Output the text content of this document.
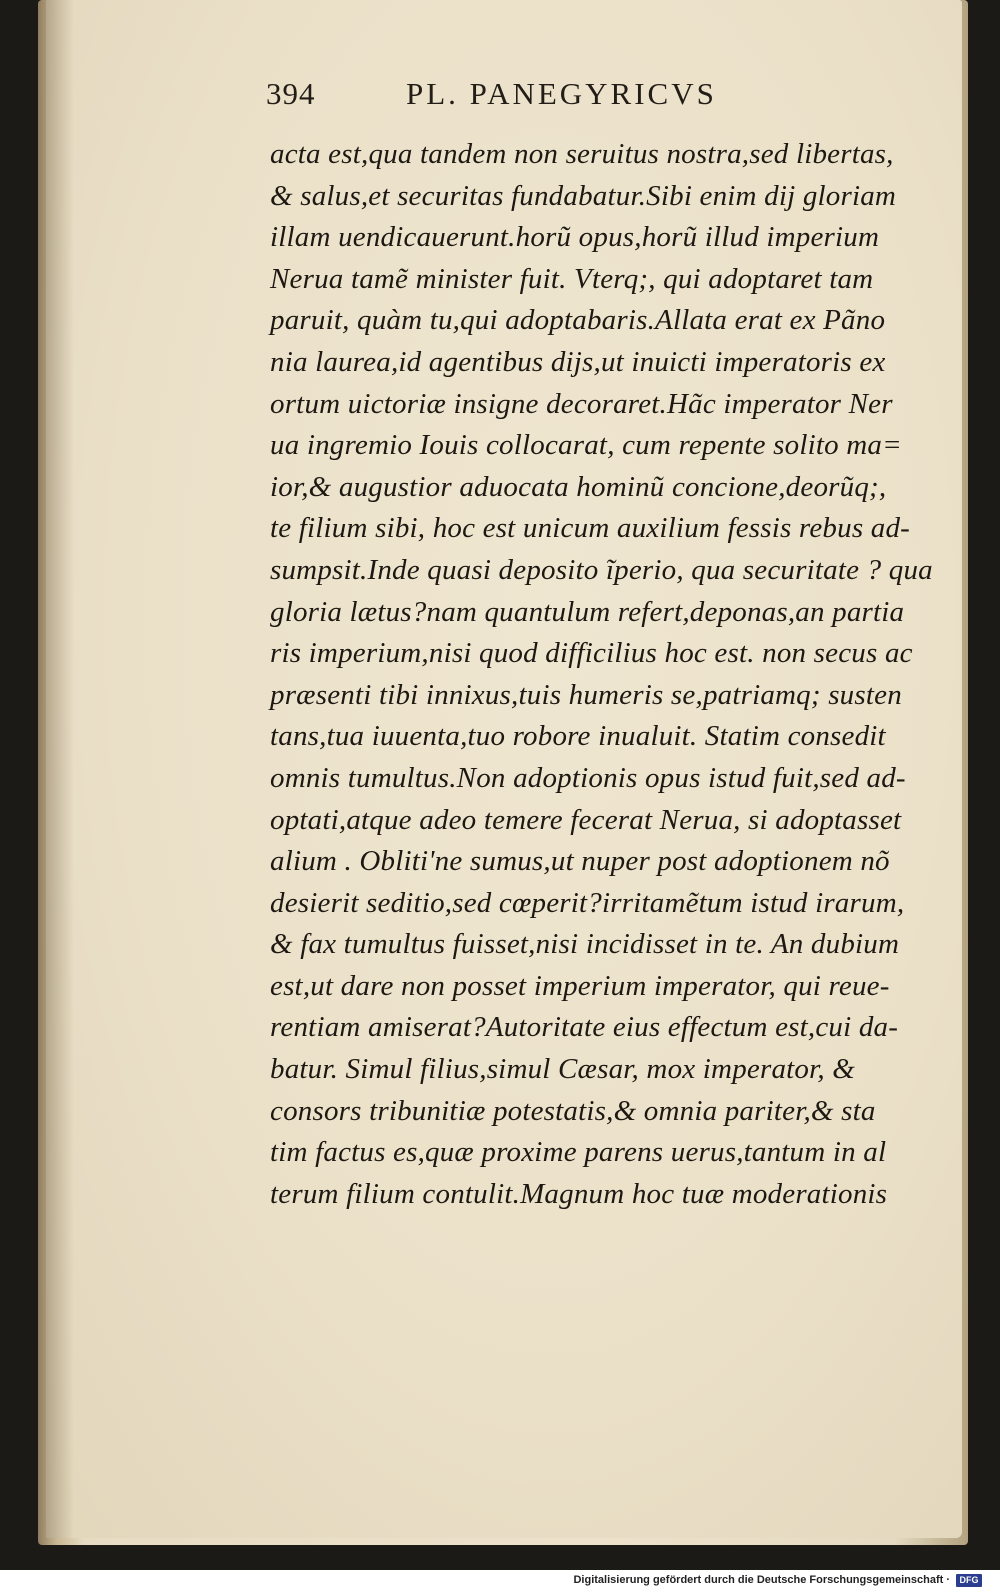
394	PL. PANEGYRICVS
acta est,qua tandem non seruitus nostra,sed libertas,
& salus,et securitas fundabatur.Sibi enim dij gloriam
illam uendicauerunt.horũ opus,horũ illud imperium
Nerua tamẽ minister fuit. Vterq;, qui adoptaret tam
paruit, quàm tu,qui adoptabaris.Allata erat ex Pãno
nia laurea,id agentibus dijs,ut inuicti imperatoris ex
ortum uictoriæ insigne decoraret.Hãc imperator Ner
ua ingremio Iouis collocarat, cum repente solito ma=
ior,& augustior aduocata hominũ concione,deorũq;,
te filium sibi, hoc est unicum auxilium fessis rebus ad-
sumpsit.Inde quasi deposito ĩperio, qua securitate ? qua
gloria lætus?nam quantulum refert,deponas,an partia
ris imperium,nisi quod difficilius hoc est. non secus ac
præsenti tibi innixus,tuis humeris se,patriamq; susten
tans,tua iuuenta,tuo robore inualuit. Statim consedit
omnis tumultus.Non adoptionis opus istud fuit,sed ad-
optati,atque adeo temere fecerat Nerua, si adoptasset
alium . Obliti'ne sumus,ut nuper post adoptionem nõ
desierit seditio,sed cœperit?irritamẽtum istud irarum,
& fax tumultus fuisset,nisi incidisset in te. An dubium
est,ut dare non posset imperium imperator, qui reue-
rentiam amiserat?Autoritate eius effectum est,cui da-
batur. Simul filius,simul Cæsar, mox imperator, &
consors tribunitiæ potestatis,& omnia pariter,& sta
tim factus es,quæ proxime parens uerus,tantum in al
terum filium contulit.Magnum hoc tuæ moderationis
Digitalisierung gefördert durch die Deutsche Forschungsgemeinschaft ·	DFG
